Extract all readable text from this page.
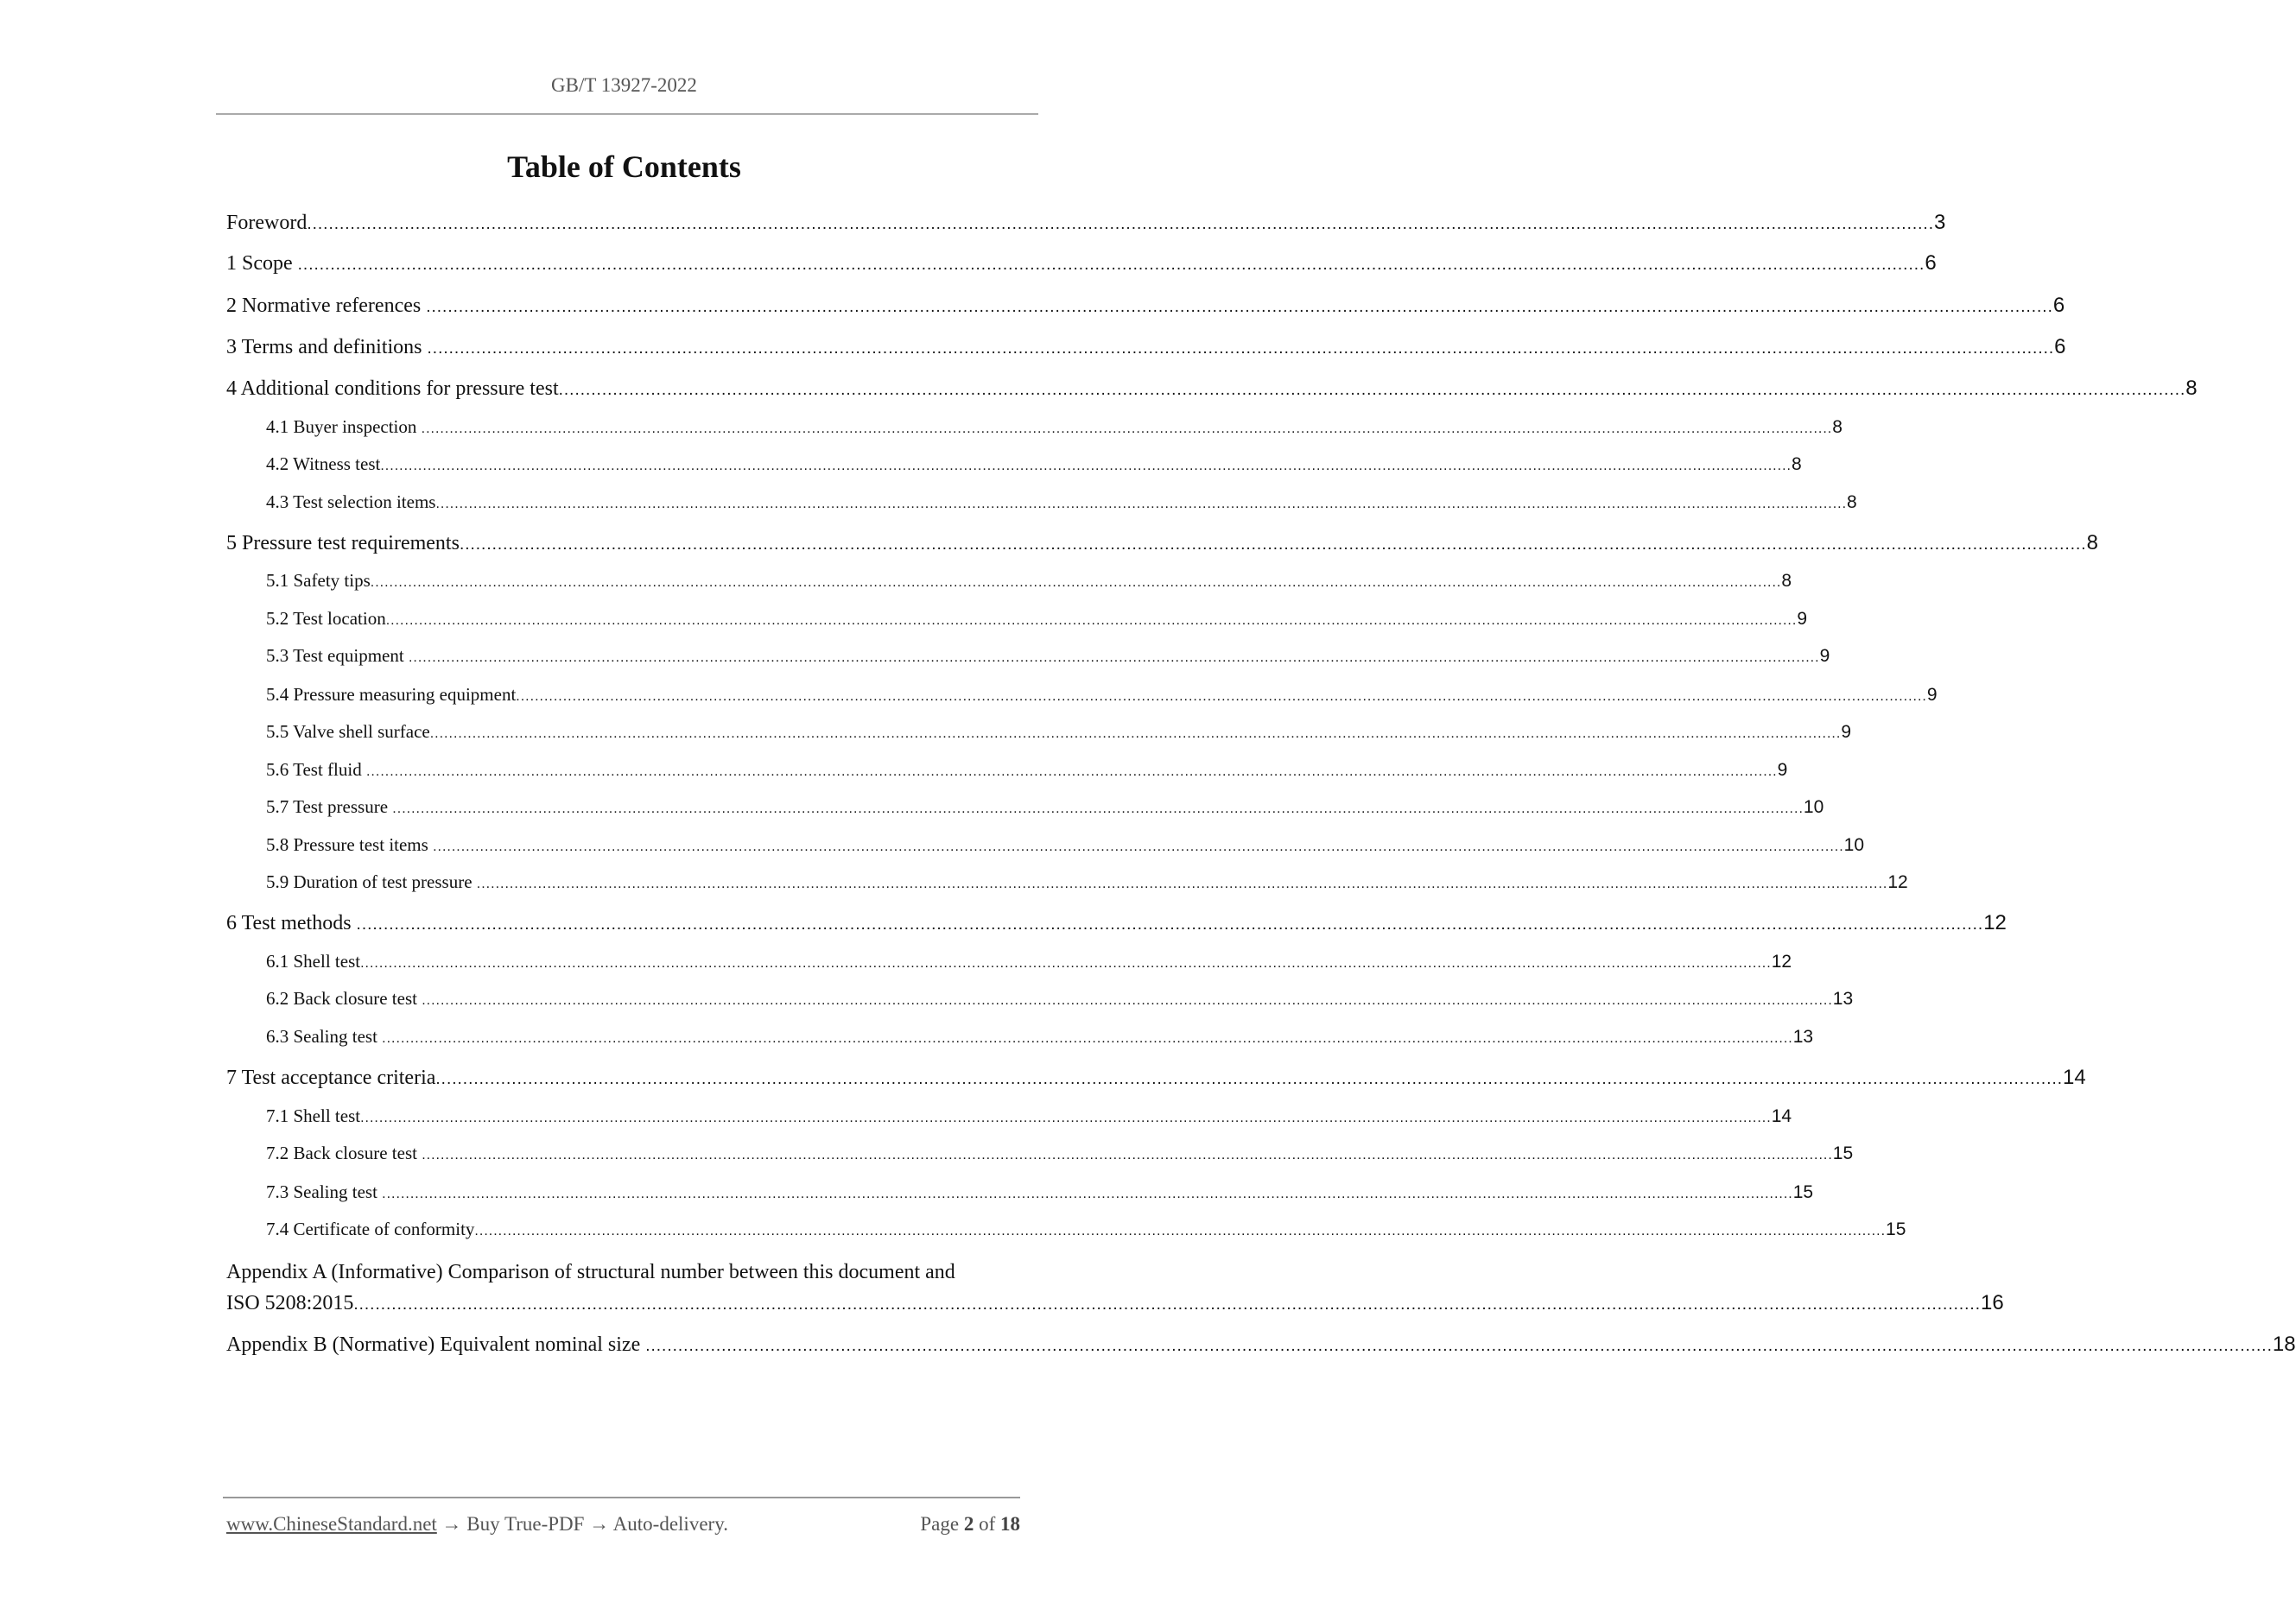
GB/T 13927-2022
Table of Contents
Foreword ............................................................................................................................................................................................................................................................................................................ 3
1 Scope ............................................................................................................................................................................................................................................................................................................ 6
2 Normative references ............................................................................................................................................................................................................................................................................................................ 6
3 Terms and definitions ............................................................................................................................................................................................................................................................................................................ 6
4 Additional conditions for pressure test ............................................................................................................................................................................................................................................................................................................ 8
4.1 Buyer inspection ............................................................................................................................................................................................................................................................................................................ 8
4.2 Witness test ............................................................................................................................................................................................................................................................................................................ 8
4.3 Test selection items ............................................................................................................................................................................................................................................................................................................ 8
5 Pressure test requirements ............................................................................................................................................................................................................................................................................................................ 8
5.1 Safety tips ............................................................................................................................................................................................................................................................................................................ 8
5.2 Test location ............................................................................................................................................................................................................................................................................................................ 9
5.3 Test equipment ............................................................................................................................................................................................................................................................................................................ 9
5.4 Pressure measuring equipment ............................................................................................................................................................................................................................................................................................................ 9
5.5 Valve shell surface ............................................................................................................................................................................................................................................................................................................ 9
5.6 Test fluid ............................................................................................................................................................................................................................................................................................................ 9
5.7 Test pressure ............................................................................................................................................................................................................................................................................................................ 10
5.8 Pressure test items ............................................................................................................................................................................................................................................................................................................ 10
5.9 Duration of test pressure ............................................................................................................................................................................................................................................................................................................ 12
6 Test methods ............................................................................................................................................................................................................................................................................................................ 12
6.1 Shell test ............................................................................................................................................................................................................................................................................................................ 12
6.2 Back closure test ............................................................................................................................................................................................................................................................................................................ 13
6.3 Sealing test ............................................................................................................................................................................................................................................................................................................ 13
7 Test acceptance criteria ............................................................................................................................................................................................................................................................................................................ 14
7.1 Shell test ............................................................................................................................................................................................................................................................................................................ 14
7.2 Back closure test ............................................................................................................................................................................................................................................................................................................ 15
7.3 Sealing test ............................................................................................................................................................................................................................................................................................................ 15
7.4 Certificate of conformity ............................................................................................................................................................................................................................................................................................................ 15
Appendix A (Informative) Comparison of structural number between this document and
ISO 5208:2015 ............................................................................................................................................................................................................................................................................................................ 16
Appendix B (Normative) Equivalent nominal size ............................................................................................................................................................................................................................................................................................................ 18
www.ChineseStandard.net → Buy True-PDF → Auto-delivery.	Page 2 of 18
